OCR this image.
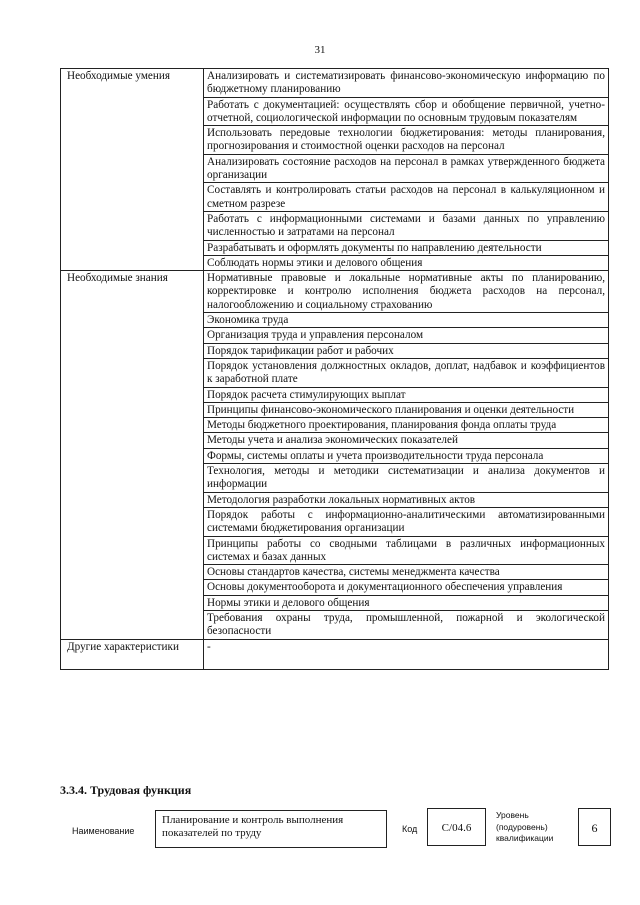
31
Необходимые умения	Анализировать и систематизировать финансово-экономическую информацию по бюджетному планированию
	Работать с документацией: осуществлять сбор и обобщение первичной, учетно-отчетной, социологической информации по основным трудовым показателям
	Использовать передовые технологии бюджетирования: методы планирования, прогнозирования и стоимостной оценки расходов на персонал
	Анализировать состояние расходов на персонал в рамках утвержденного бюджета организации
	Составлять и контролировать статьи расходов на персонал в калькуляционном и сметном разрезе
	Работать с информационными системами и базами данных по управлению численностью и затратами на персонал
	Разрабатывать и оформлять документы по направлению деятельности
	Соблюдать нормы этики и делового общения
Необходимые знания	Нормативные правовые и локальные нормативные акты по планированию, корректировке и контролю исполнения бюджета расходов на персонал, налогообложению и социальному страхованию
	Экономика труда
	Организация труда и управления персоналом
	Порядок тарификации работ и рабочих
	Порядок установления должностных окладов, доплат, надбавок и коэффициентов к заработной плате
	Порядок расчета стимулирующих выплат
	Принципы финансово-экономического планирования и оценки деятельности
	Методы бюджетного проектирования, планирования фонда оплаты труда
	Методы учета и анализа экономических показателей
	Формы, системы оплаты и учета производительности труда персонала
	Технология, методы и методики систематизации и анализа документов и информации
	Методология разработки локальных нормативных актов
	Порядок работы с информационно-аналитическими автоматизированными системами бюджетирования организации
	Принципы работы со сводными таблицами в различных информационных системах и базах данных
	Основы стандартов качества, системы менеджмента качества
	Основы документооборота и документационного обеспечения управления
	Нормы этики и делового общения
	Требования охраны труда, промышленной, пожарной и экологической безопасности
Другие характеристики	-
3.3.4. Трудовая функция
Наименование
Планирование и контроль выполнения показателей по труду	Код	C/04.6
Уровень
(подуровень)
квалификации
6
